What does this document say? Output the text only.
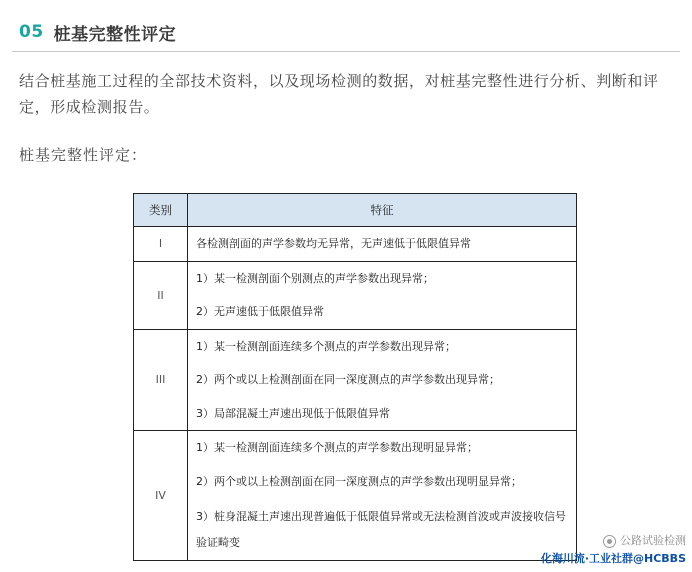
05 桩基完整性评定

结合桩基施工过程的全部技术资料，以及现场检测的数据，对桩基完整性进行分析、判断和评定，形成检测报告。

桩基完整性评定：
类别	特征
I	各检测剖面的声学参数均无异常，无声速低于低限值异常

II	1）某一检测剖面个别测点的声学参数出现异常；
2）无声速低于低限值异常

III	1）某一检测剖面连续多个测点的声学参数出现异常；
2）两个或以上检测剖面在同一深度测点的声学参数出现异常；
3）局部混凝土声速出现低于低限值异常

IV	1）某一检测剖面连续多个测点的声学参数出现明显异常；
2）两个或以上检测剖面在同一深度测点的声学参数出现明显异常；
3）桩身混凝土声速出现普遍低于低限值异常或无法检测首波或声波接收信号验证畸变	公路试验检测
化海川流·工业社群@HCBBS
